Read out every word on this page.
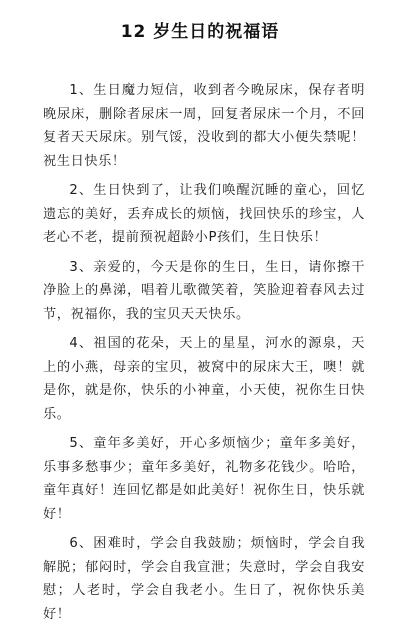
12 岁生日的祝福语

1、生日魔力短信，收到者今晚尿床，保存者明晚尿床，删除者尿床一周，回复者尿床一个月，不回复者天天尿床。别气馁，没收到的都大小便失禁呢！祝生日快乐！

2、生日快到了，让我们唤醒沉睡的童心，回忆遗忘的美好，丢弃成长的烦恼，找回快乐的珍宝，人老心不老，提前预祝超龄小P孩们，生日快乐！

3、亲爱的，今天是你的生日，生日，请你擦干净脸上的鼻涕，唱着儿歌微笑着，笑脸迎着春风去过节，祝福你，我的宝贝天天快乐。

4、祖国的花朵，天上的星星，河水的源泉，天上的小燕，母亲的宝贝，被窝中的尿床大王，噢！就是你，就是你，快乐的小神童，小天使，祝你生日快乐。

5、童年多美好，开心多烦恼少；童年多美好，乐事多愁事少；童年多美好，礼物多花钱少。哈哈，童年真好！连回忆都是如此美好！祝你生日，快乐就好！

6、困难时，学会自我鼓励；烦恼时，学会自我解脱；郁闷时，学会自我宣泄；失意时，学会自我安慰；人老时，学会自我老小。生日了，祝你快乐美好！
